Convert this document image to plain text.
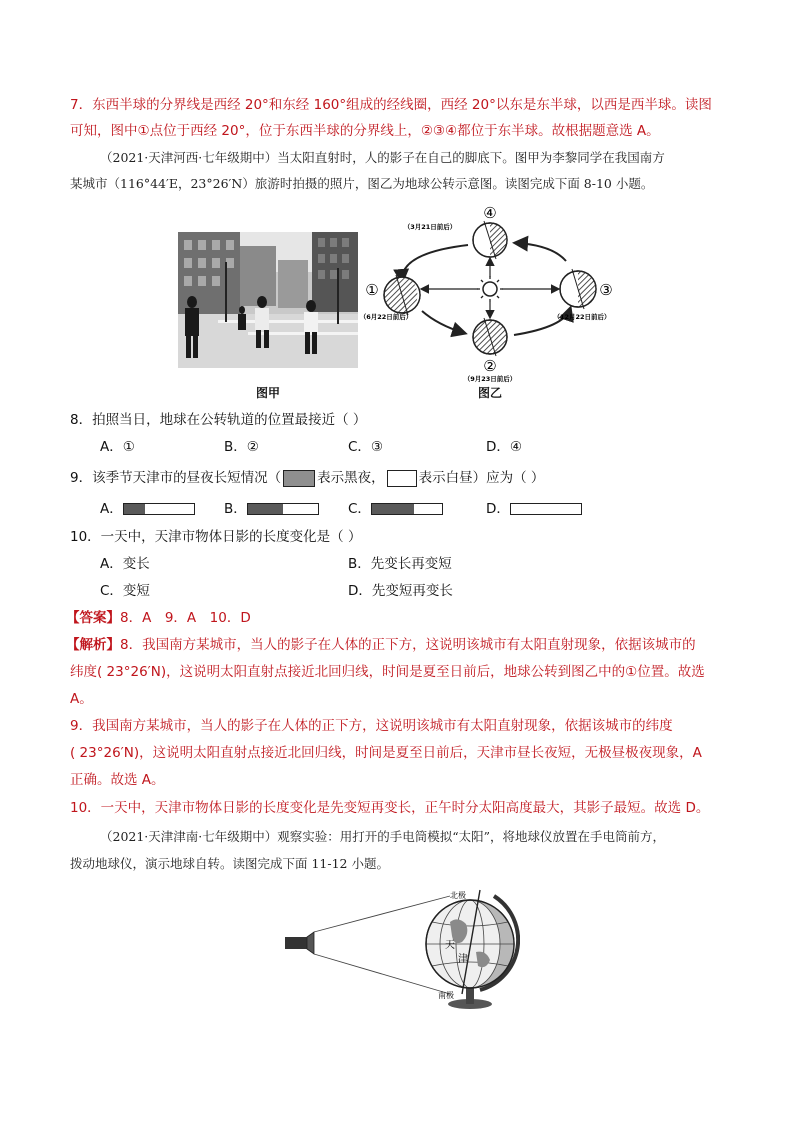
7．东西半球的分界线是西经 20°和东经 160°组成的经线圈，西经 20°以东是东半球，以西是西半球。读图
可知，图中①点位于西经 20°，位于东西半球的分界线上，②③④都位于东半球。故根据题意选 A。
（2021·天津河西·七年级期中）当太阳直射时，人的影子在自己的脚底下。图甲为李黎同学在我国南方
某城市（116°44′E，23°26′N）旅游时拍摄的照片，图乙为地球公转示意图。读图完成下面 8-10 小题。
图甲
④
①	③
②
（3月21日前后）
（6月22日前后）	（12月22日前后）
（9月23日前后）
图乙
8．拍照当日，地球在公转轨道的位置最接近（ ）
A．①	B．②	C．③	D．④
9．该季节天津市的昼夜长短情况（	表示黑夜，	表示白昼）应为（ ）
A．	B．	C．	D．
10．一天中，天津市物体日影的长度变化是（ ）
A．变长	B．先变长再变短
C．变短	D．先变短再变长
【答案】8．A　9．A　10．D
【解析】8．我国南方某城市，当人的影子在人体的正下方，这说明该城市有太阳直射现象，依据该城市的
纬度( 23°26′N)，这说明太阳直射点接近北回归线，时间是夏至日前后，地球公转到图乙中的①位置。故选
A。
9．我国南方某城市，当人的影子在人体的正下方，这说明该城市有太阳直射现象，依据该城市的纬度
( 23°26′N)，这说明太阳直射点接近北回归线，时间是夏至日前后，天津市昼长夜短，无极昼极夜现象，A
正确。故选 A。
10．一天中，天津市物体日影的长度变化是先变短再变长，正午时分太阳高度最大，其影子最短。故选 D。
（2021·天津津南·七年级期中）观察实验：用打开的手电筒模拟“太阳”，将地球仪放置在手电筒前方，
拨动地球仪，演示地球自转。读图完成下面 11-12 小题。
北极
南极
天
津
